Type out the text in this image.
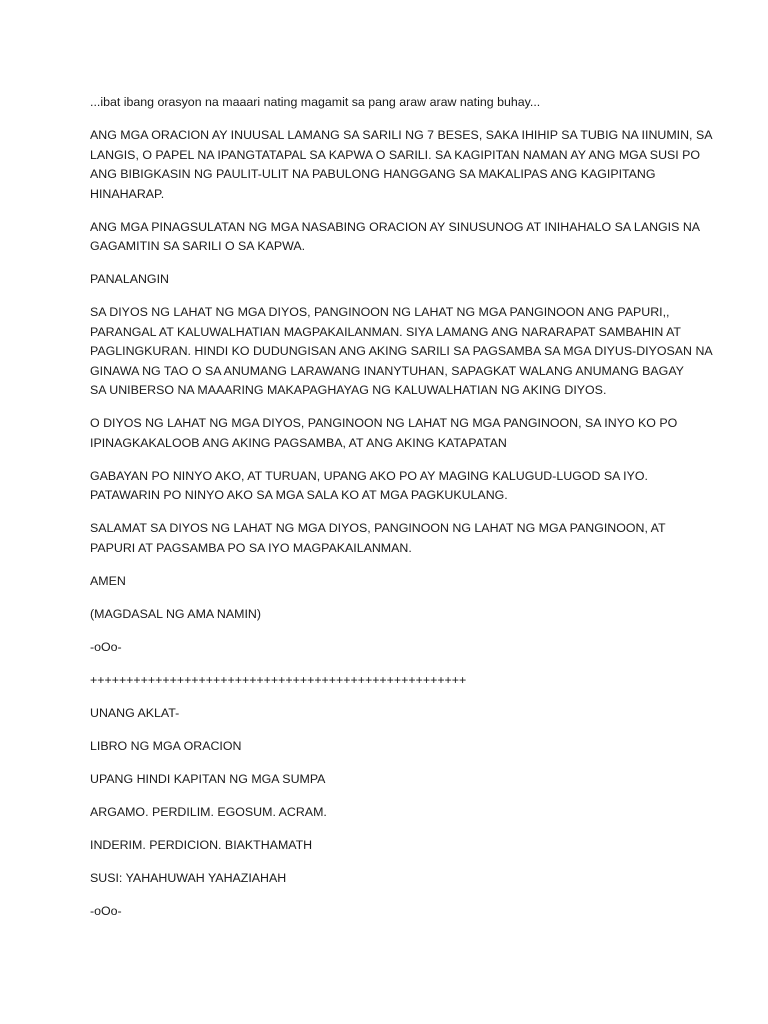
...ibat ibang orasyon na maaari nating magamit sa pang araw araw nating buhay...

ANG MGA ORACION AY INUUSAL LAMANG SA SARILI NG 7 BESES, SAKA IHIHIP SA TUBIG NA IINUMIN, SA
LANGIS, O PAPEL NA IPANGTATAPAL SA KAPWA O SARILI. SA KAGIPITAN NAMAN AY ANG MGA SUSI PO
ANG BIBIGKASIN NG PAULIT-ULIT NA PABULONG HANGGANG SA MAKALIPAS ANG KAGIPITANG
HINAHARAP.

ANG MGA PINAGSULATAN NG MGA NASABING ORACION AY SINUSUNOG AT INIHAHALO SA LANGIS NA
GAGAMITIN SA SARILI O SA KAPWA.

PANALANGIN

SA DIYOS NG LAHAT NG MGA DIYOS, PANGINOON NG LAHAT NG MGA PANGINOON ANG PAPURI,,
PARANGAL AT KALUWALHATIAN MAGPAKAILANMAN. SIYA LAMANG ANG NARARAPAT SAMBAHIN AT
PAGLINGKURAN. HINDI KO DUDUNGISAN ANG AKING SARILI SA PAGSAMBA SA MGA DIYUS-DIYOSAN NA
GINAWA NG TAO O SA ANUMANG LARAWANG INANYTUHAN, SAPAGKAT WALANG ANUMANG BAGAY
SA UNIBERSO NA MAAARING MAKAPAGHAYAG NG KALUWALHATIAN NG AKING DIYOS.

O DIYOS NG LAHAT NG MGA DIYOS, PANGINOON NG LAHAT NG MGA PANGINOON, SA INYO KO PO
IPINAGKAKALOOB ANG AKING PAGSAMBA, AT ANG AKING KATAPATAN

GABAYAN PO NINYO AKO, AT TURUAN, UPANG AKO PO AY MAGING KALUGUD-LUGOD SA IYO.
PATAWARIN PO NINYO AKO SA MGA SALA KO AT MGA PAGKUKULANG.

SALAMAT SA DIYOS NG LAHAT NG MGA DIYOS, PANGINOON NG LAHAT NG MGA PANGINOON, AT
PAPURI AT PAGSAMBA PO SA IYO MAGPAKAILANMAN.

AMEN

(MAGDASAL NG AMA NAMIN)

-oOo-

++++++++++++++++++++++++++++++++++++++++++++++++++++

UNANG AKLAT-

LIBRO NG MGA ORACION

UPANG HINDI KAPITAN NG MGA SUMPA

ARGAMO. PERDILIM. EGOSUM. ACRAM.

INDERIM. PERDICION. BIAKTHAMATH

SUSI: YAHAHUWAH YAHAZIAHAH

-oOo-
